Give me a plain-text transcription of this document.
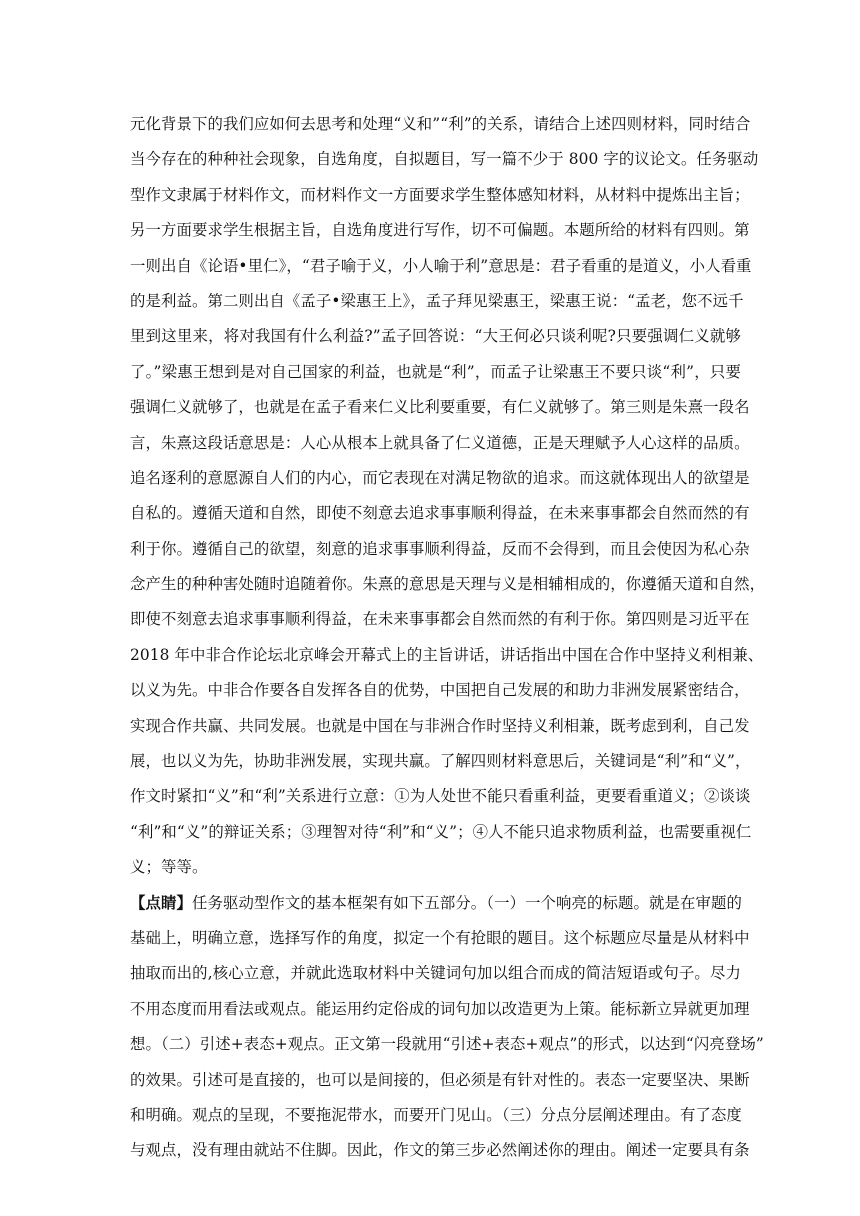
元化背景下的我们应如何去思考和处理“义和”“利”的关系，请结合上述四则材料，同时结合
当今存在的种种社会现象，自选角度，自拟题目，写一篇不少于 800 字的议论文。任务驱动
型作文隶属于材料作文，而材料作文一方面要求学生整体感知材料，从材料中提炼出主旨；
另一方面要求学生根据主旨，自选角度进行写作，切不可偏题。本题所给的材料有四则。第
一则出自《论语•里仁》，“君子喻于义，小人喻于利”意思是：君子看重的是道义，小人看重
的是利益。第二则出自《孟子•梁惠王上》，孟子拜见梁惠王，梁惠王说：“孟老，您不远千
里到这里来，将对我国有什么利益?”孟子回答说：“大王何必只谈利呢?只要强调仁义就够
了。”梁惠王想到是对自己国家的利益，也就是“利”，而孟子让梁惠王不要只谈“利”，只要
强调仁义就够了，也就是在孟子看来仁义比利要重要，有仁义就够了。第三则是朱熹一段名
言，朱熹这段话意思是：人心从根本上就具备了仁义道德，正是天理赋予人心这样的品质。
追名逐利的意愿源自人们的内心，而它表现在对满足物欲的追求。而这就体现出人的欲望是
自私的。遵循天道和自然，即使不刻意去追求事事顺利得益，在未来事事都会自然而然的有
利于你。遵循自己的欲望，刻意的追求事事顺利得益，反而不会得到，而且会使因为私心杂
念产生的种种害处随时追随着你。朱熹的意思是天理与义是相辅相成的，你遵循天道和自然，
即使不刻意去追求事事顺利得益，在未来事事都会自然而然的有利于你。第四则是习近平在
2018 年中非合作论坛北京峰会开幕式上的主旨讲话，讲话指出中国在合作中坚持义利相兼、
以义为先。中非合作要各自发挥各自的优势，中国把自己发展的和助力非洲发展紧密结合，
实现合作共赢、共同发展。也就是中国在与非洲合作时坚持义利相兼，既考虑到利，自己发
展，也以义为先，协助非洲发展，实现共赢。了解四则材料意思后，关键词是“利”和“义”，
作文时紧扣“义”和“利”关系进行立意：①为人处世不能只看重利益，更要看重道义；②谈谈
“利”和“义”的辩证关系；③理智对待“利”和“义”；④人不能只追求物质利益，也需要重视仁
义；等等。
【点睛】任务驱动型作文的基本框架有如下五部分。（一）一个响亮的标题。就是在审题的
基础上，明确立意，选择写作的角度，拟定一个有抢眼的题目。这个标题应尽量是从材料中
抽取而出的,核心立意，并就此选取材料中关键词句加以组合而成的简洁短语或句子。尽力
不用态度而用看法或观点。能运用约定俗成的词句加以改造更为上策。能标新立异就更加理
想。（二）引述+表态+观点。正文第一段就用“引述+表态+观点”的形式，以达到“闪亮登场”
的效果。引述可是直接的，也可以是间接的，但必须是有针对性的。表态一定要坚决、果断
和明确。观点的呈现，不要拖泥带水，而要开门见山。（三）分点分层阐述理由。有了态度
与观点，没有理由就站不住脚。因此，作文的第三步必然阐述你的理由。阐述一定要具有条
